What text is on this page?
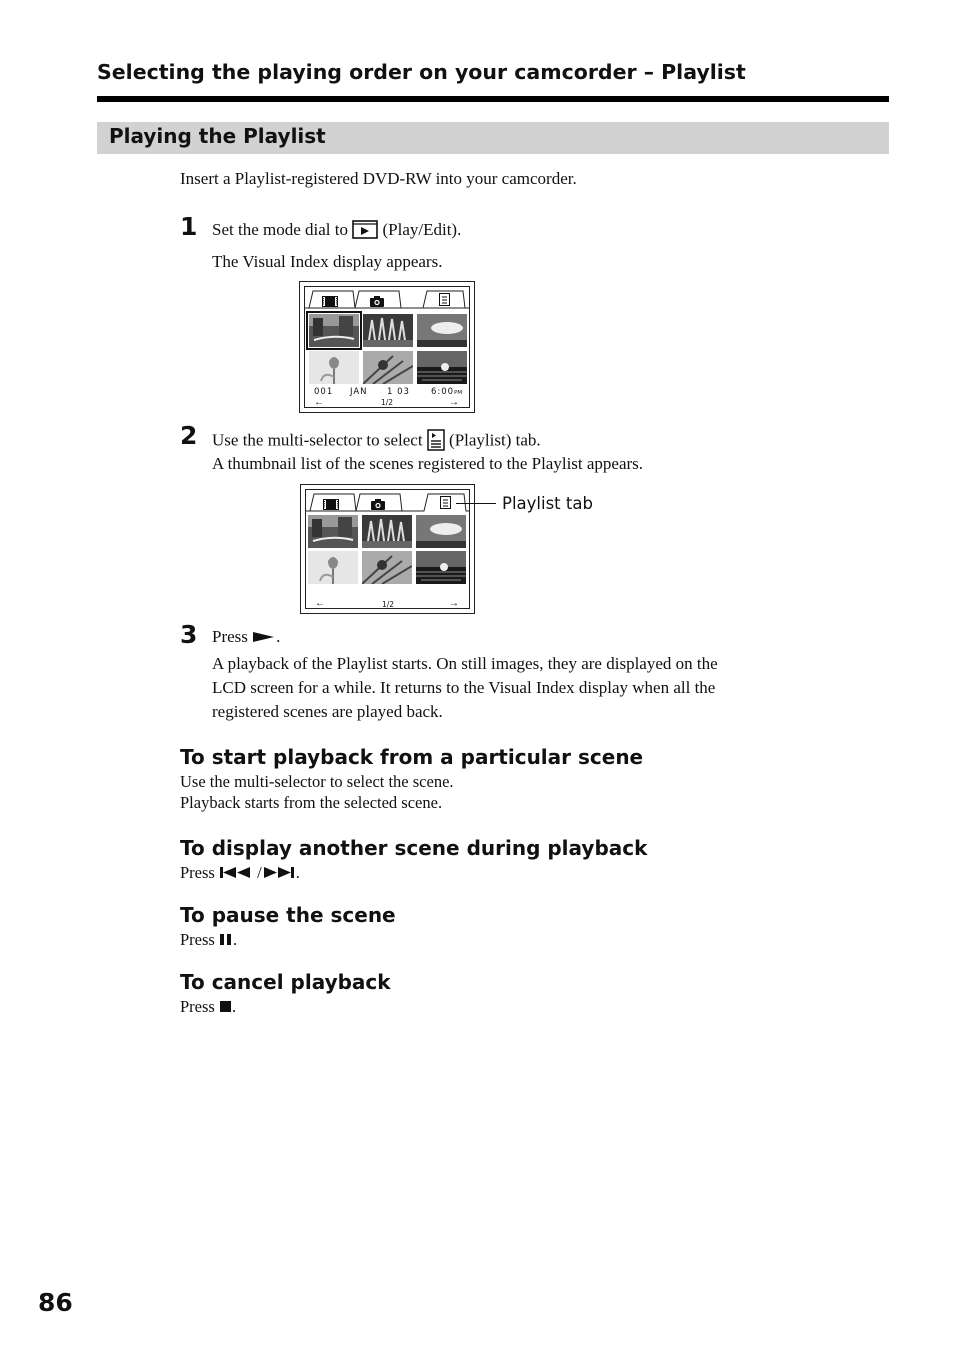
Selecting the playing order on your camcorder – Playlist
Playing the Playlist
Insert a Playlist-registered DVD-RW into your camcorder.
1 Set the mode dial to (Play/Edit).
The Visual Index display appears.
001 JAN 1 03 6:00PM
←	1/2	→
2 Use the multi-selector to select (Playlist) tab.
A thumbnail list of the scenes registered to the Playlist appears.
←	1/2	→
Playlist tab
3 Press .
A playback of the Playlist starts. On still images, they are displayed on the
LCD screen for a while. It returns to the Visual Index display when all the
registered scenes are played back.
To start playback from a particular scene
Use the multi-selector to select the scene.
Playback starts from the selected scene.
To display another scene during playback
Press	/ .
To pause the scene
Press .
To cancel playback
Press .
86
